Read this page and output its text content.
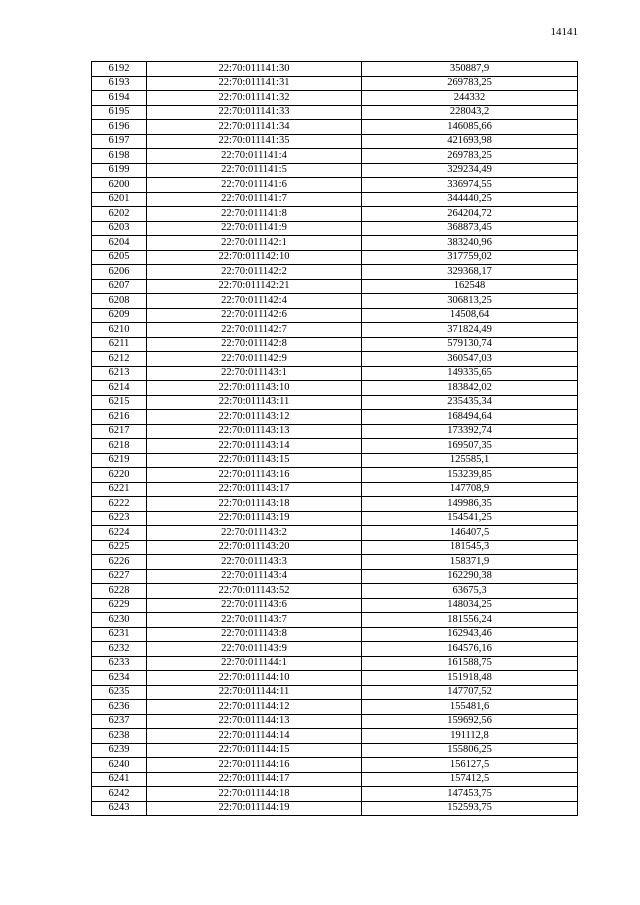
14141
6192	22:70:011141:30	350887,9
6193	22:70:011141:31	269783,25
6194	22:70:011141:32	244332
6195	22:70:011141:33	228043,2
6196	22:70:011141:34	146085,66
6197	22:70:011141:35	421693,98
6198	22:70:011141:4	269783,25
6199	22:70:011141:5	329234,49
6200	22:70:011141:6	336974,55
6201	22:70:011141:7	344440,25
6202	22:70:011141:8	264204,72
6203	22:70:011141:9	368873,45
6204	22:70:011142:1	383240,96
6205	22:70:011142:10	317759,02
6206	22:70:011142:2	329368,17
6207	22:70:011142:21	162548
6208	22:70:011142:4	306813,25
6209	22:70:011142:6	14508,64
6210	22:70:011142:7	371824,49
6211	22:70:011142:8	579130,74
6212	22:70:011142:9	360547,03
6213	22:70:011143:1	149335,65
6214	22:70:011143:10	183842,02
6215	22:70:011143:11	235435,34
6216	22:70:011143:12	168494,64
6217	22:70:011143:13	173392,74
6218	22:70:011143:14	169507,35
6219	22:70:011143:15	125585,1
6220	22:70:011143:16	153239,85
6221	22:70:011143:17	147708,9
6222	22:70:011143:18	149986,35
6223	22:70:011143:19	154541,25
6224	22:70:011143:2	146407,5
6225	22:70:011143:20	181545,3
6226	22:70:011143:3	158371,9
6227	22:70:011143:4	162290,38
6228	22:70:011143:52	63675,3
6229	22:70:011143:6	148034,25
6230	22:70:011143:7	181556,24
6231	22:70:011143:8	162943,46
6232	22:70:011143:9	164576,16
6233	22:70:011144:1	161588,75
6234	22:70:011144:10	151918,48
6235	22:70:011144:11	147707,52
6236	22:70:011144:12	155481,6
6237	22:70:011144:13	159692,56
6238	22:70:011144:14	191112,8
6239	22:70:011144:15	155806,25
6240	22:70:011144:16	156127,5
6241	22:70:011144:17	157412,5
6242	22:70:011144:18	147453,75
6243	22:70:011144:19	152593,75
